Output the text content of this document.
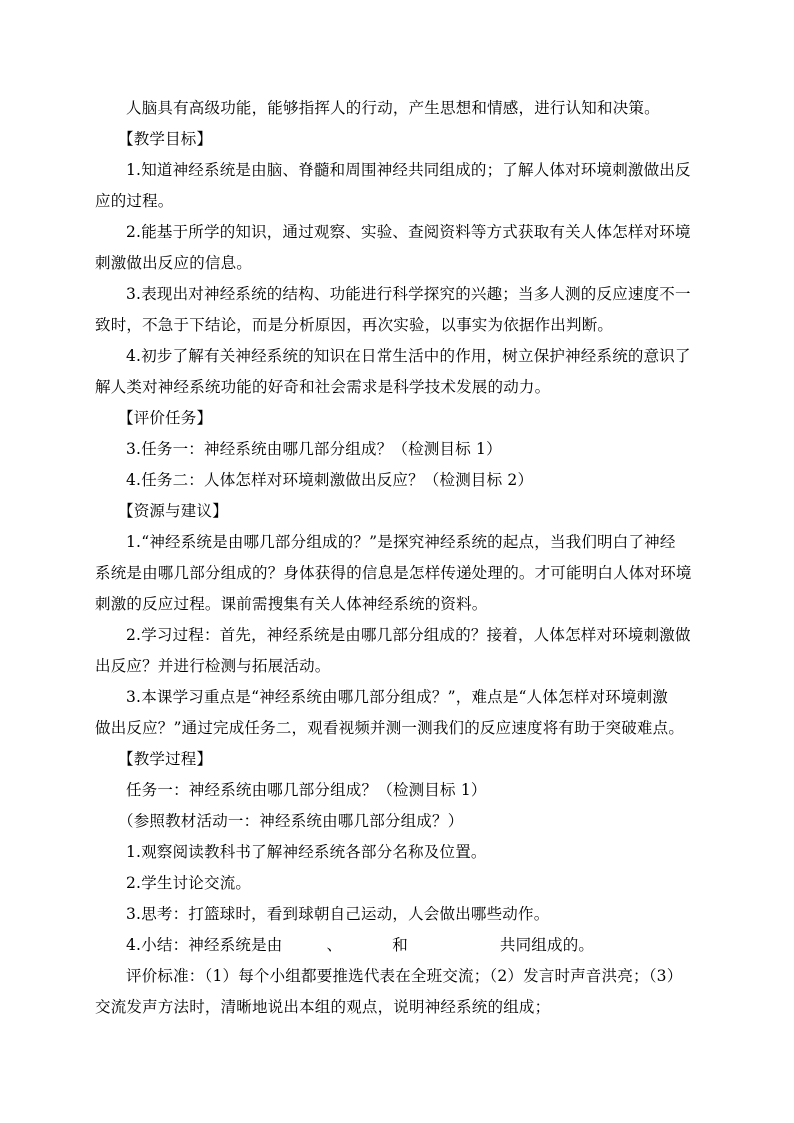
人脑具有高级功能，能够指挥人的行动，产生思想和情感，进行认知和决策。
【教学目标】
1.知道神经系统是由脑、脊髓和周围神经共同组成的；了解人体对环境刺激做出反
应的过程。
2.能基于所学的知识，通过观察、实验、查阅资料等方式获取有关人体怎样对环境
刺激做出反应的信息。
3.表现出对神经系统的结构、功能进行科学探究的兴趣；当多人测的反应速度不一
致时，不急于下结论，而是分析原因，再次实验，以事实为依据作出判断。
4.初步了解有关神经系统的知识在日常生活中的作用，树立保护神经系统的意识了
解人类对神经系统功能的好奇和社会需求是科学技术发展的动力。
【评价任务】
3.任务一：神经系统由哪几部分组成？（检测目标 1）
4.任务二：人体怎样对环境刺激做出反应？（检测目标 2）
【资源与建议】
1.“神经系统是由哪几部分组成的？”是探究神经系统的起点，当我们明白了神经
系统是由哪几部分组成的？身体获得的信息是怎样传递处理的。才可能明白人体对环境
刺激的反应过程。课前需搜集有关人体神经系统的资料。
2.学习过程：首先，神经系统是由哪几部分组成的？接着，人体怎样对环境刺激做
出反应？并进行检测与拓展活动。
3.本课学习重点是“神经系统由哪几部分组成？”，难点是“人体怎样对环境刺激
做出反应？”通过完成任务二，观看视频并测一测我们的反应速度将有助于突破难点。
【教学过程】
任务一：神经系统由哪几部分组成？（检测目标 1）
（参照教材活动一：神经系统由哪几部分组成？）
1.观察阅读教科书了解神经系统各部分名称及位置。
2.学生讨论交流。
3.思考：打篮球时，看到球朝自己运动，人会做出哪些动作。
4.小结：神经系统是由	、	和	共同组成的。
评价标准：（1）每个小组都要推选代表在全班交流；（2）发言时声音洪亮；（3）
交流发声方法时，清晰地说出本组的观点，说明神经系统的组成；
